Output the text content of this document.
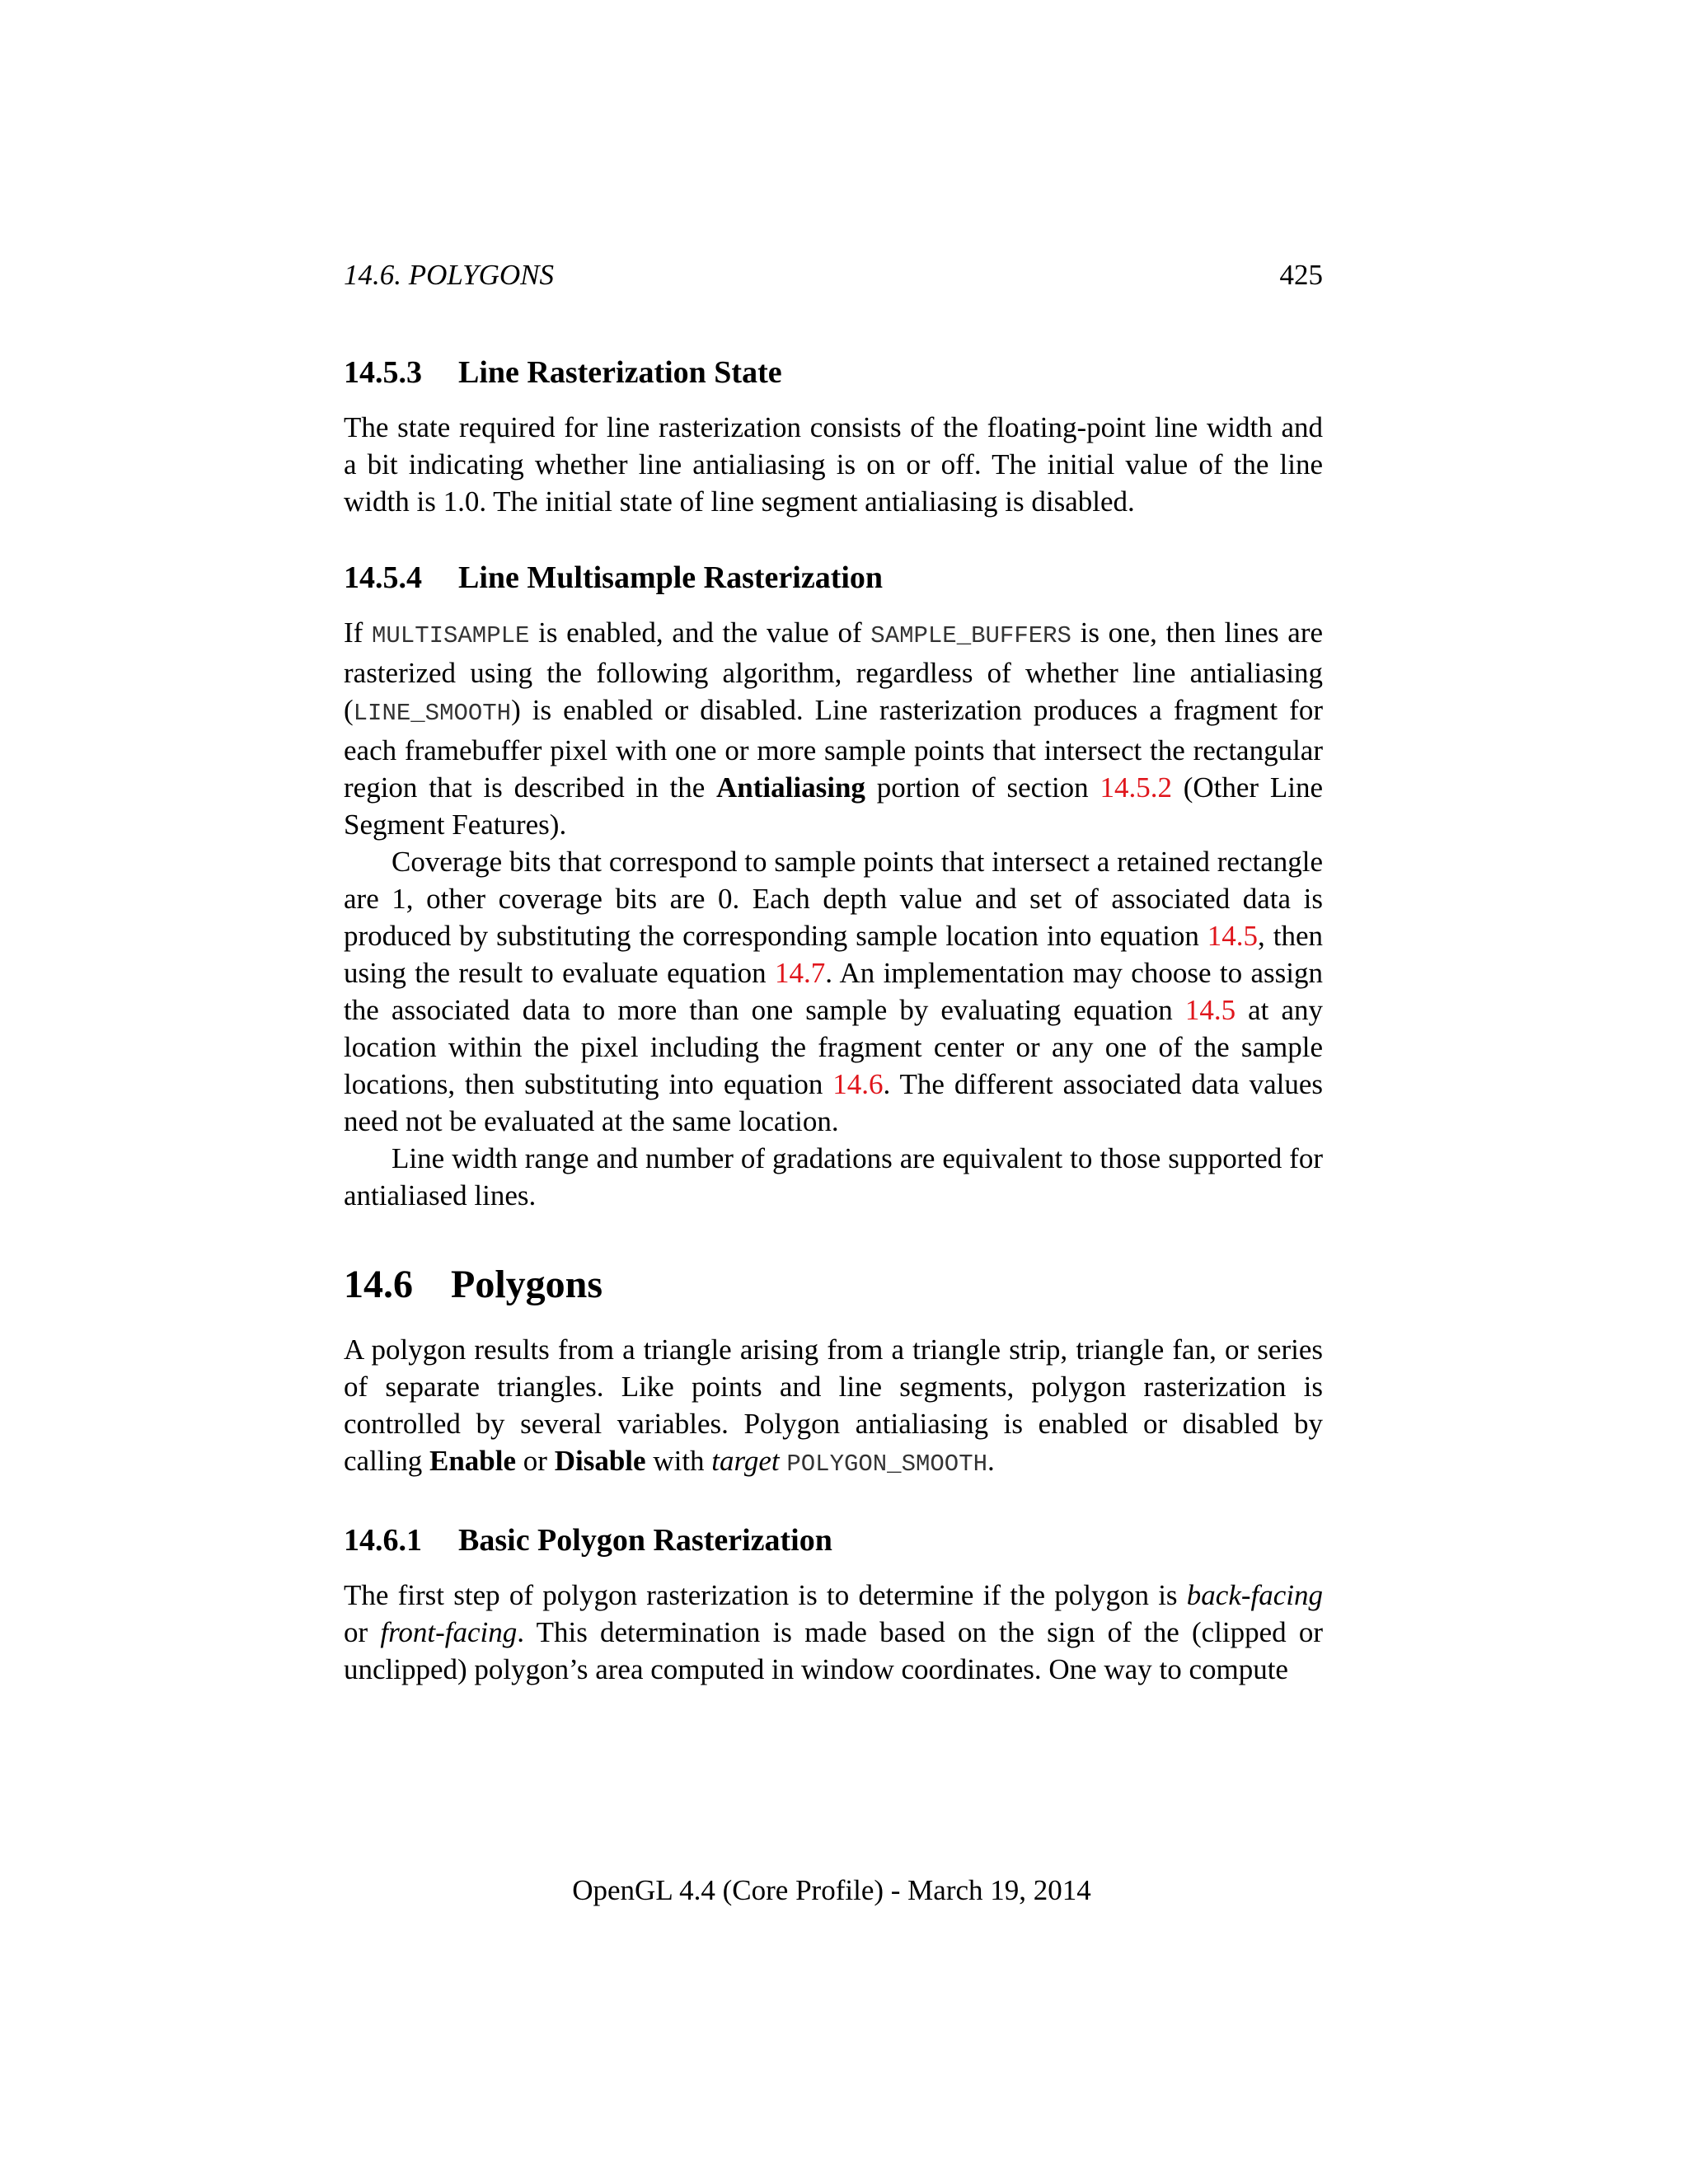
14.6. POLYGONS	425
14.5.3 Line Rasterization State

The state required for line rasterization consists of the floating-point line width and a bit indicating whether line antialiasing is on or off. The initial value of the line width is 1.0. The initial state of line segment antialiasing is disabled.

14.5.4 Line Multisample Rasterization

If MULTISAMPLE is enabled, and the value of SAMPLE_BUFFERS is one, then lines are rasterized using the following algorithm, regardless of whether line antialiasing (LINE_SMOOTH) is enabled or disabled. Line rasterization produces a fragment for each framebuffer pixel with one or more sample points that intersect the rectangular region that is described in the Antialiasing portion of section 14.5.2 (Other Line Segment Features).

Coverage bits that correspond to sample points that intersect a retained rectangle are 1, other coverage bits are 0. Each depth value and set of associated data is produced by substituting the corresponding sample location into equation 14.5, then using the result to evaluate equation 14.7. An implementation may choose to assign the associated data to more than one sample by evaluating equation 14.5 at any location within the pixel including the fragment center or any one of the sample locations, then substituting into equation 14.6. The different associated data values need not be evaluated at the same location.

Line width range and number of gradations are equivalent to those supported for antialiased lines.

14.6 Polygons

A polygon results from a triangle arising from a triangle strip, triangle fan, or series of separate triangles. Like points and line segments, polygon rasterization is controlled by several variables. Polygon antialiasing is enabled or disabled by calling Enable or Disable with target POLYGON_SMOOTH.

14.6.1 Basic Polygon Rasterization

The first step of polygon rasterization is to determine if the polygon is back-facing or front-facing. This determination is made based on the sign of the (clipped or unclipped) polygon’s area computed in window coordinates. One way to compute

OpenGL 4.4 (Core Profile) - March 19, 2014
